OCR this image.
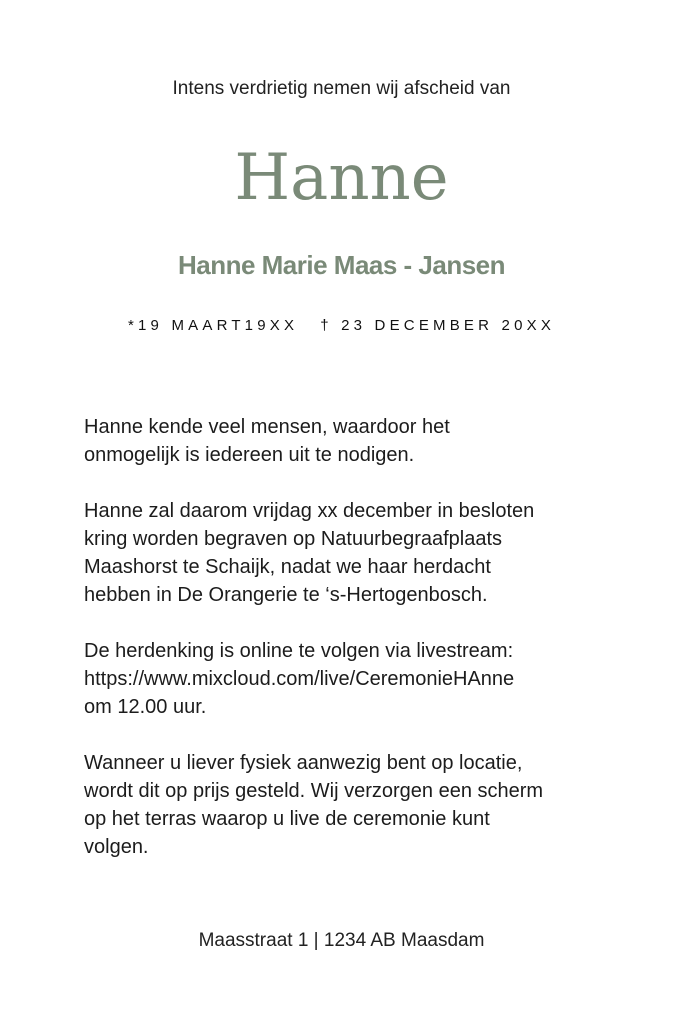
Intens verdrietig nemen wij afscheid van
Hanne
Hanne Marie Maas - Jansen
*19 MAART19XX † 23 DECEMBER 20XX

Hanne kende veel mensen, waardoor het
onmogelijk is iedereen uit te nodigen.

Hanne zal daarom vrijdag xx december in besloten
kring worden begraven op Natuurbegraafplaats
Maashorst te Schaijk, nadat we haar herdacht
hebben in De Orangerie te ‘s-Hertogenbosch.

De herdenking is online te volgen via livestream:
https://www.mixcloud.com/live/CeremonieHAnne
om 12.00 uur.

Wanneer u liever fysiek aanwezig bent op locatie,
wordt dit op prijs gesteld. Wij verzorgen een scherm
op het terras waarop u live de ceremonie kunt
volgen.

Maasstraat 1 | 1234 AB Maasdam
